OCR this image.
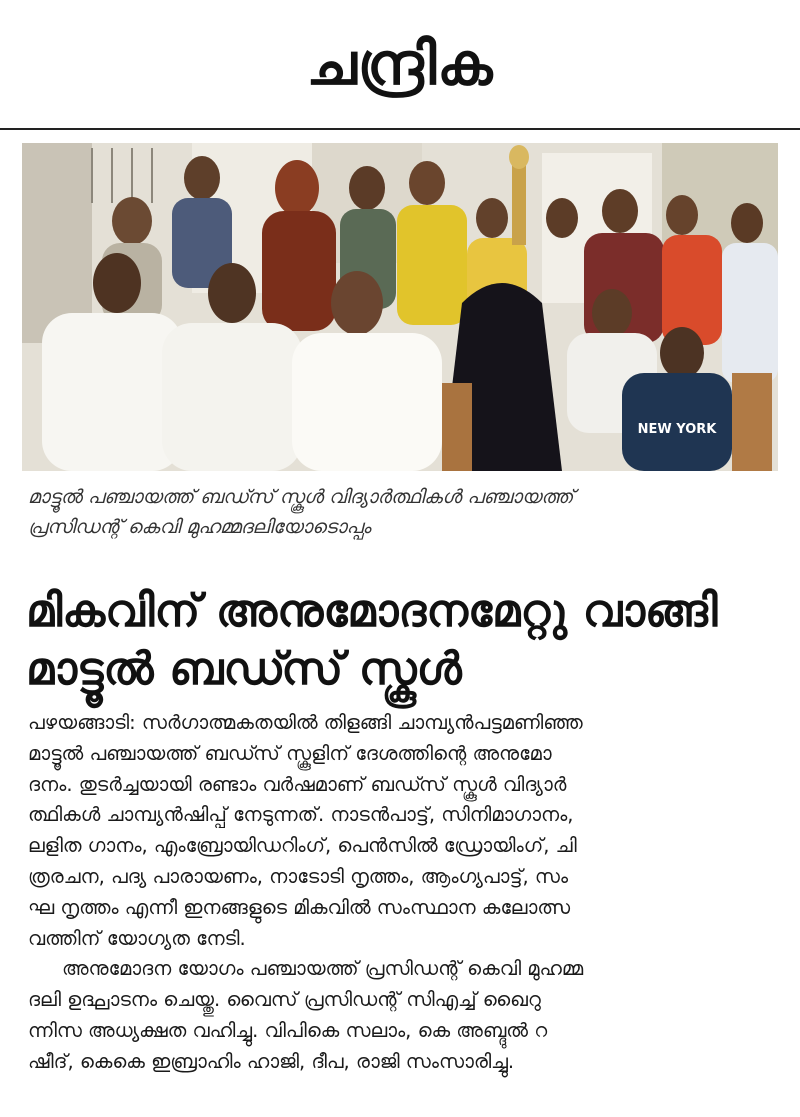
ചന്ദ്രിക
NEW YORK
മാട്ടൂൽ പഞ്ചായത്ത് ബഡ്സ് സ്കൂൾ വിദ്യാർത്ഥികൾ പഞ്ചായത്ത്
പ്രസിഡന്റ് കെവി മുഹമ്മദലിയോടൊപ്പം
മികവിന് അനുമോദനമേറ്റു വാങ്ങി
മാട്ടൂൽ ബഡ്സ് സ്കൂൾ
പഴയങ്ങാടി: സർഗാത്മകതയിൽ തിളങ്ങി ചാമ്പ്യൻപട്ടമണിഞ്ഞ
മാട്ടൂൽ പഞ്ചായത്ത് ബഡ്സ് സ്കൂളിന് ദേശത്തിന്റെ അനുമോ
ദനം. തുടർച്ചയായി രണ്ടാം വർഷമാണ് ബഡ്സ് സ്കൂൾ വിദ്യാർ
ത്ഥികൾ ചാമ്പ്യൻഷിപ്പ് നേടുന്നത്. നാടൻപാട്ട്, സിനിമാഗാനം,
ലളിത ഗാനം, എംബ്രോയിഡറിംഗ്, പെൻസിൽ ഡ്രോയിംഗ്, ചി
ത്രരചന, പദ്യ പാരായണം, നാടോടി നൃത്തം, ആംഗ്യപാട്ട്, സം
ഘ നൃത്തം എന്നീ ഇനങ്ങളുടെ മികവിൽ സംസ്ഥാന കലോത്സ
വത്തിന് യോഗ്യത നേടി.
അനുമോദന യോഗം പഞ്ചായത്ത് പ്രസിഡന്റ് കെവി മുഹമ്മ
ദലി ഉദ്ഘാടനം ചെയ്തു. വൈസ് പ്രസിഡന്റ് സിഎച്ച് ഖൈറു
ന്നിസ അധ്യക്ഷത വഹിച്ചു. വിപികെ സലാം, കെ അബ്ദുൽ റ
ഷീദ്, കെകെ ഇബ്രാഹിം ഹാജി, ദീപ, രാജി സംസാരിച്ചു.
